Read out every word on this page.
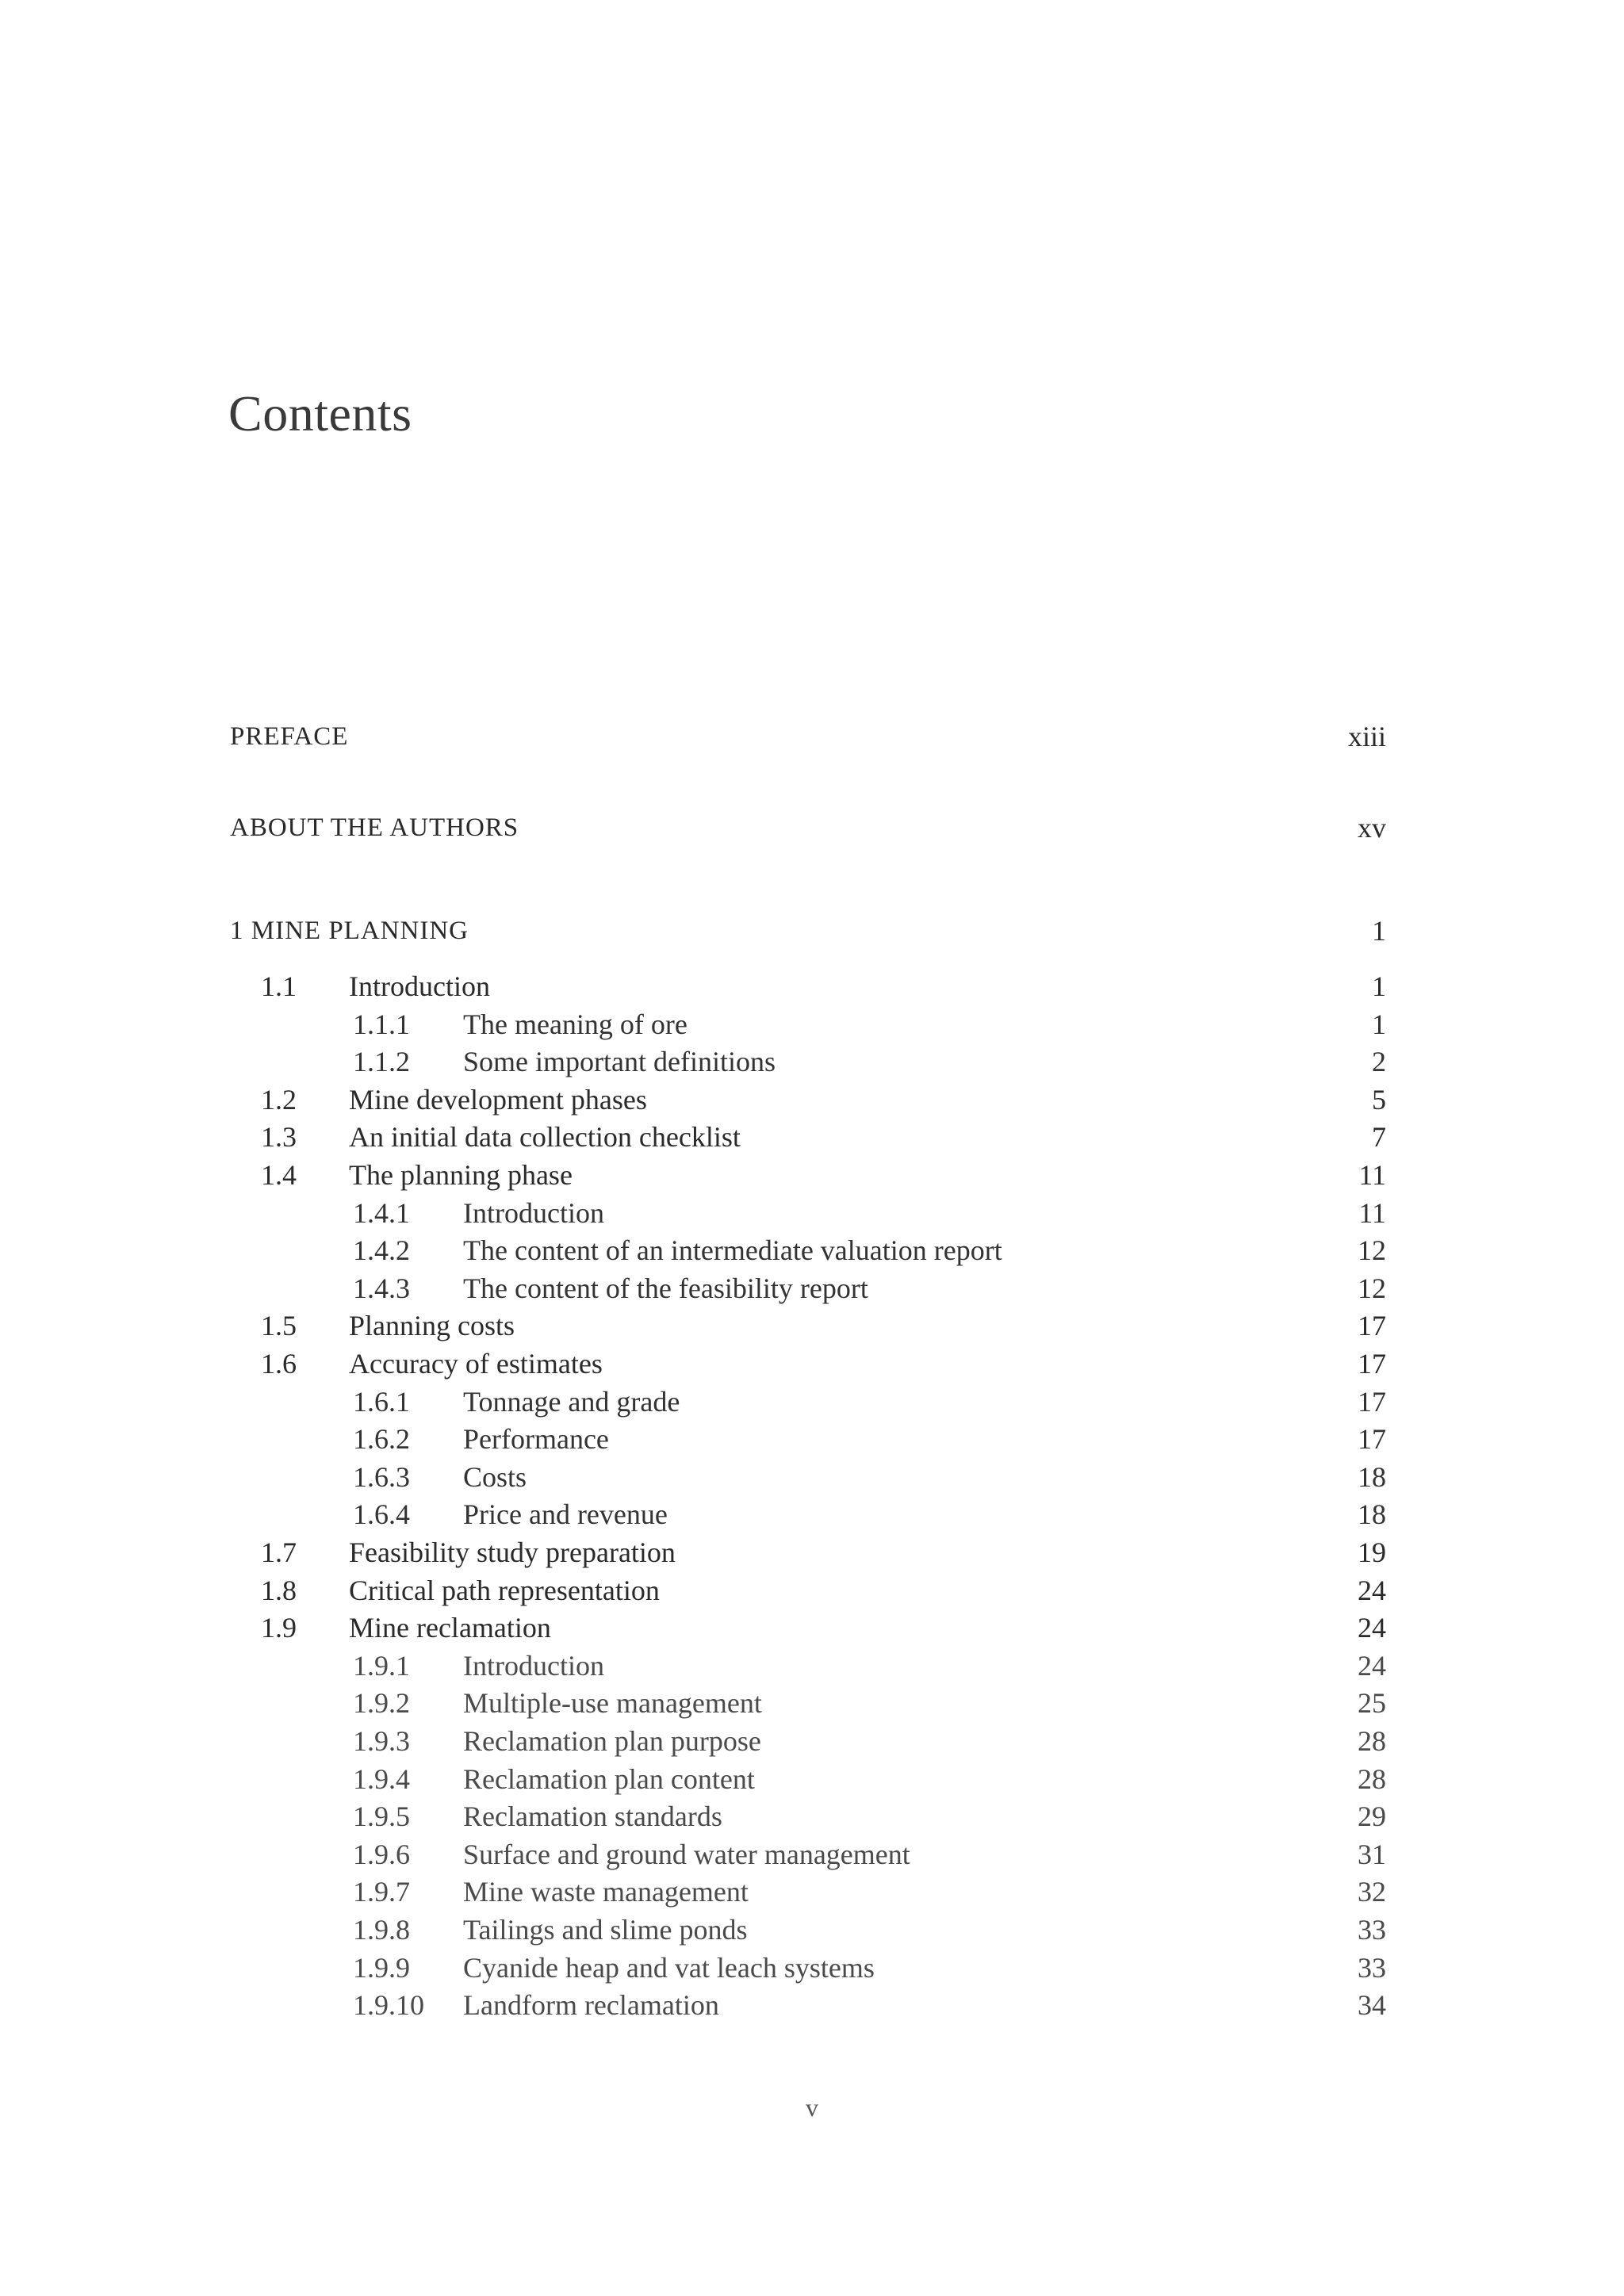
Contents
PREFACE	xiii
ABOUT THE AUTHORS	xv
1 MINE PLANNING	1
1.1 Introduction	1
1.1.1 The meaning of ore	1
1.1.2 Some important definitions	2
1.2 Mine development phases	5
1.3 An initial data collection checklist	7
1.4 The planning phase	11
1.4.1 Introduction	11
1.4.2 The content of an intermediate valuation report	12
1.4.3 The content of the feasibility report	12
1.5 Planning costs	17
1.6 Accuracy of estimates	17
1.6.1 Tonnage and grade	17
1.6.2 Performance	17
1.6.3 Costs	18
1.6.4 Price and revenue	18
1.7 Feasibility study preparation	19
1.8 Critical path representation	24
1.9 Mine reclamation	24
1.9.1 Introduction	24
1.9.2 Multiple-use management	25
1.9.3 Reclamation plan purpose	28
1.9.4 Reclamation plan content	28
1.9.5 Reclamation standards	29
1.9.6 Surface and ground water management	31
1.9.7 Mine waste management	32
1.9.8 Tailings and slime ponds	33
1.9.9 Cyanide heap and vat leach systems	33
1.9.10 Landform reclamation	34
v
